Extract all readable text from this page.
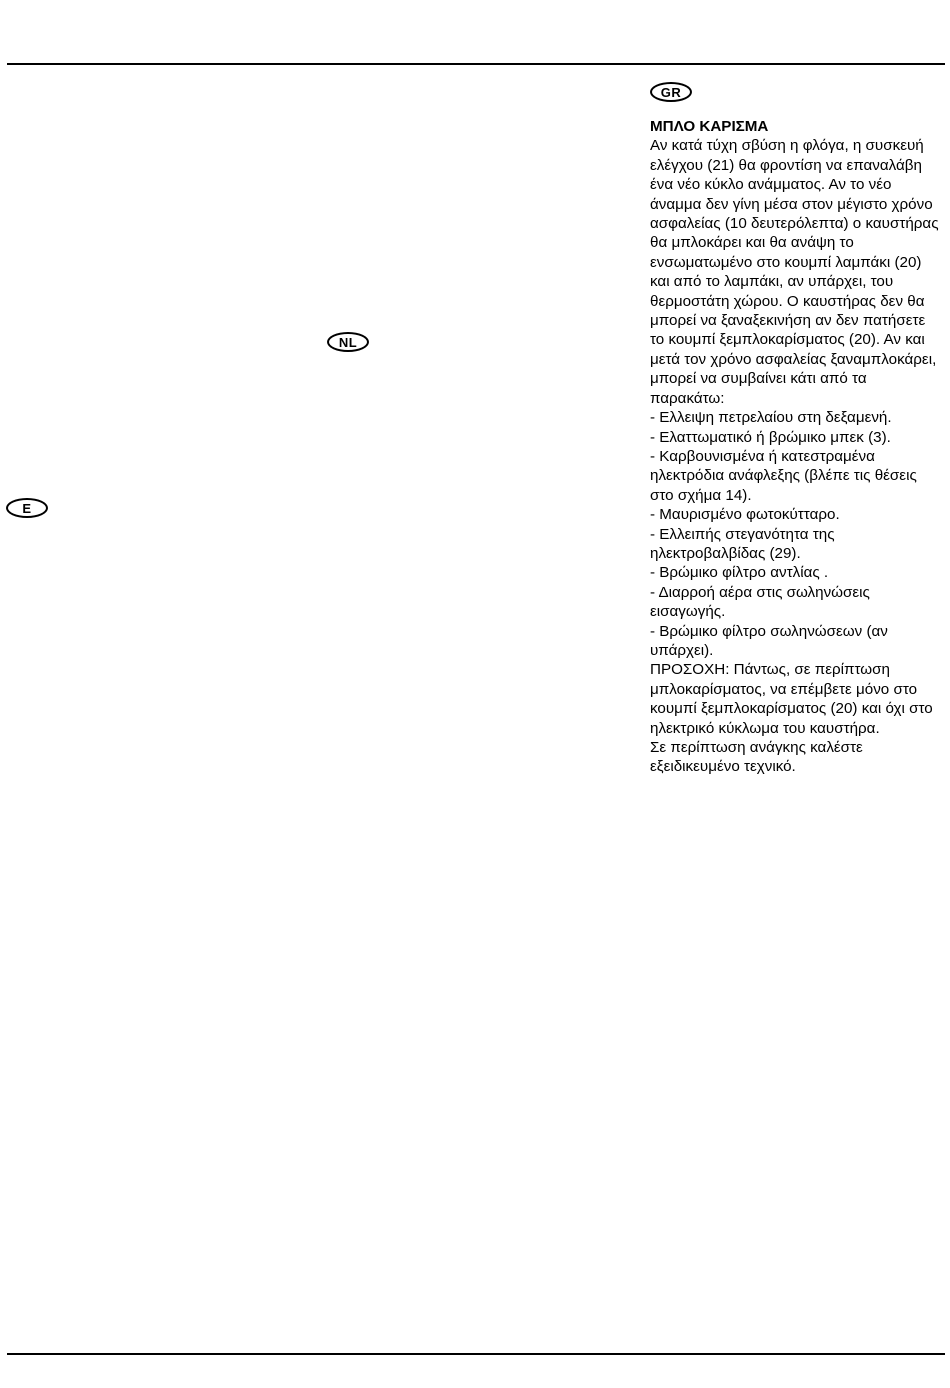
GR
NL
E

ΜΠΛΟ ΚΑΡΙΣΜΑ

Αν κατά τύχη σβύση η φλόγα, η συσκευή ελέγχου (21) θα φροντίση να επαναλάβη ένα νέο κύκλο ανάμματος. Αν το νέο άναμμα δεν γίνη μέσα στον μέγιστο χρόνο ασφαλείας (10 δευτερόλεπτα) ο καυστήρας θα μπλοκάρει και θα ανάψη το ενσωματωμένο στο κουμπί λαμπάκι (20) και από το λαμπάκι, αν υπάρχει, του θερμοστάτη χώρου. Ο καυστήρας δεν θα μπορεί να ξαναξεκινήση αν δεν πατήσετε το κουμπί ξεμπλοκαρίσματος (20). Αν και μετά τον χρόνο ασφαλείας ξαναμπλοκάρει, μπορεί να συμβαίνει κάτι από τα παρακάτω:

- Ελλειψη πετρελαίου στη δεξαμενή.

- Ελαττωματικό ή βρώμικο μπεκ (3).

- Καρβουνισμένα ή κατεστραμένα ηλεκτρόδια ανάφλεξης (βλέπε τις θέσεις στο σχήμα 14).

- Μαυρισμένο φωτοκύτταρο.

- Ελλειπής στεγανότητα της ηλεκτροβαλβίδας (29).

- Βρώμικο φίλτρο αντλίας .

- Διαρροή αέρα στις σωληνώσεις εισαγωγής.

- Βρώμικο φίλτρο σωληνώσεων (αν υπάρχει).

ΠΡΟΣΟΧΗ: Πάντως, σε περίπτωση μπλοκαρίσματος, να επέμβετε μόνο στο κουμπί ξεμπλοκαρίσματος (20) και όχι στο ηλεκτρικό κύκλωμα του καυστήρα.

Σε περίπτωση ανάγκης καλέστε εξειδικευμένο τεχνικό.
